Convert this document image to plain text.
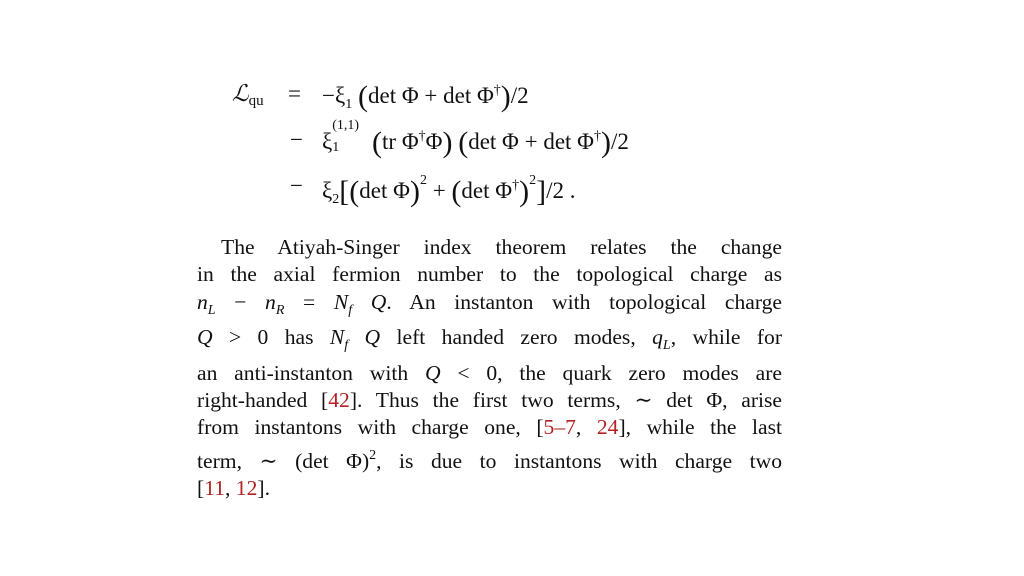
ℒ$_{qu}$ = $-\xi_1$ (det Φ + det Φ†)/2
− ξ
(1,1)
1 (tr Φ†Φ) (det Φ + det Φ†)/2
− $\xi_2[(\det$ Φ)$^2$ + (det Φ†)$^2$]/2 .
The Atiyah-Singer index theorem relates the change
in the axial fermion number to the topological charge as
$n_L - n_R = N_f$ Q. An instanton with topological charge
Q > 0 has $N_f$ Q left handed zero modes, $q_L$, while for
an anti-instanton with Q < 0, the quark zero modes are
right-handed [42]. Thus the first two terms, ∼ det Φ, arise
from instantons with charge one, [5–7, 24], while the last
term, ∼ (det Φ)$^2$, is due to instantons with charge two
[11, 12].
